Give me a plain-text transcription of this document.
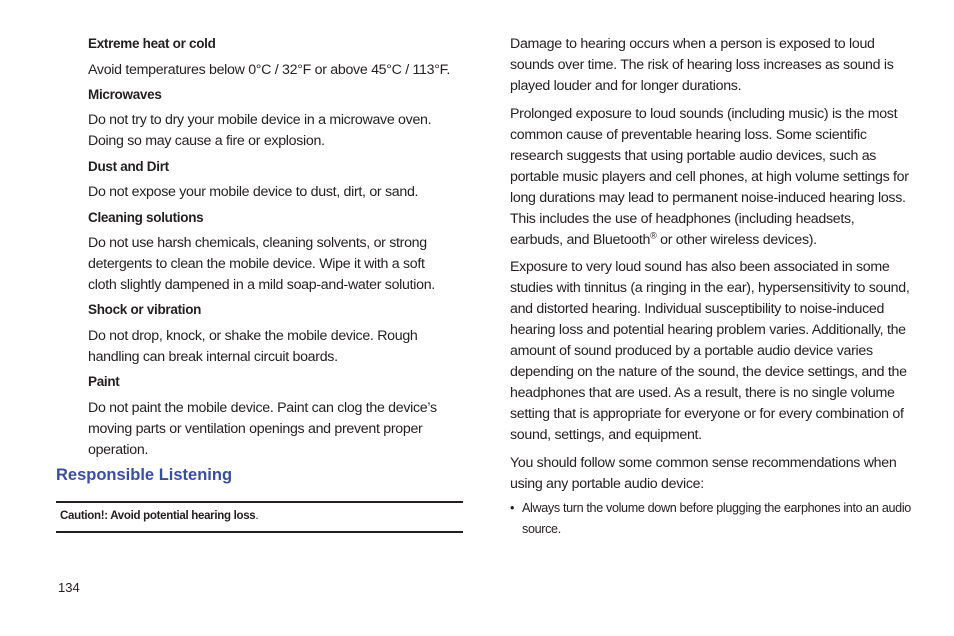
Extreme heat or cold
Avoid temperatures below 0°C / 32°F or above 45°C / 113°F.
Microwaves
Do not try to dry your mobile device in a microwave oven. Doing so may cause a fire or explosion.
Dust and Dirt
Do not expose your mobile device to dust, dirt, or sand.
Cleaning solutions
Do not use harsh chemicals, cleaning solvents, or strong detergents to clean the mobile device. Wipe it with a soft cloth slightly dampened in a mild soap-and-water solution.
Shock or vibration
Do not drop, knock, or shake the mobile device. Rough handling can break internal circuit boards.
Paint
Do not paint the mobile device. Paint can clog the device’s moving parts or ventilation openings and prevent proper operation.
Responsible Listening
Caution!: Avoid potential hearing loss.
Damage to hearing occurs when a person is exposed to loud sounds over time. The risk of hearing loss increases as sound is played louder and for longer durations.
Prolonged exposure to loud sounds (including music) is the most common cause of preventable hearing loss. Some scientific research suggests that using portable audio devices, such as portable music players and cell phones, at high volume settings for long durations may lead to permanent noise-induced hearing loss. This includes the use of headphones (including headsets, earbuds, and Bluetooth® or other wireless devices).
Exposure to very loud sound has also been associated in some studies with tinnitus (a ringing in the ear), hypersensitivity to sound, and distorted hearing. Individual susceptibility to noise-induced hearing loss and potential hearing problem varies. Additionally, the amount of sound produced by a portable audio device varies depending on the nature of the sound, the device settings, and the headphones that are used. As a result, there is no single volume setting that is appropriate for everyone or for every combination of sound, settings, and equipment.
You should follow some common sense recommendations when using any portable audio device:
• Always turn the volume down before plugging the earphones into an audio source.
134
